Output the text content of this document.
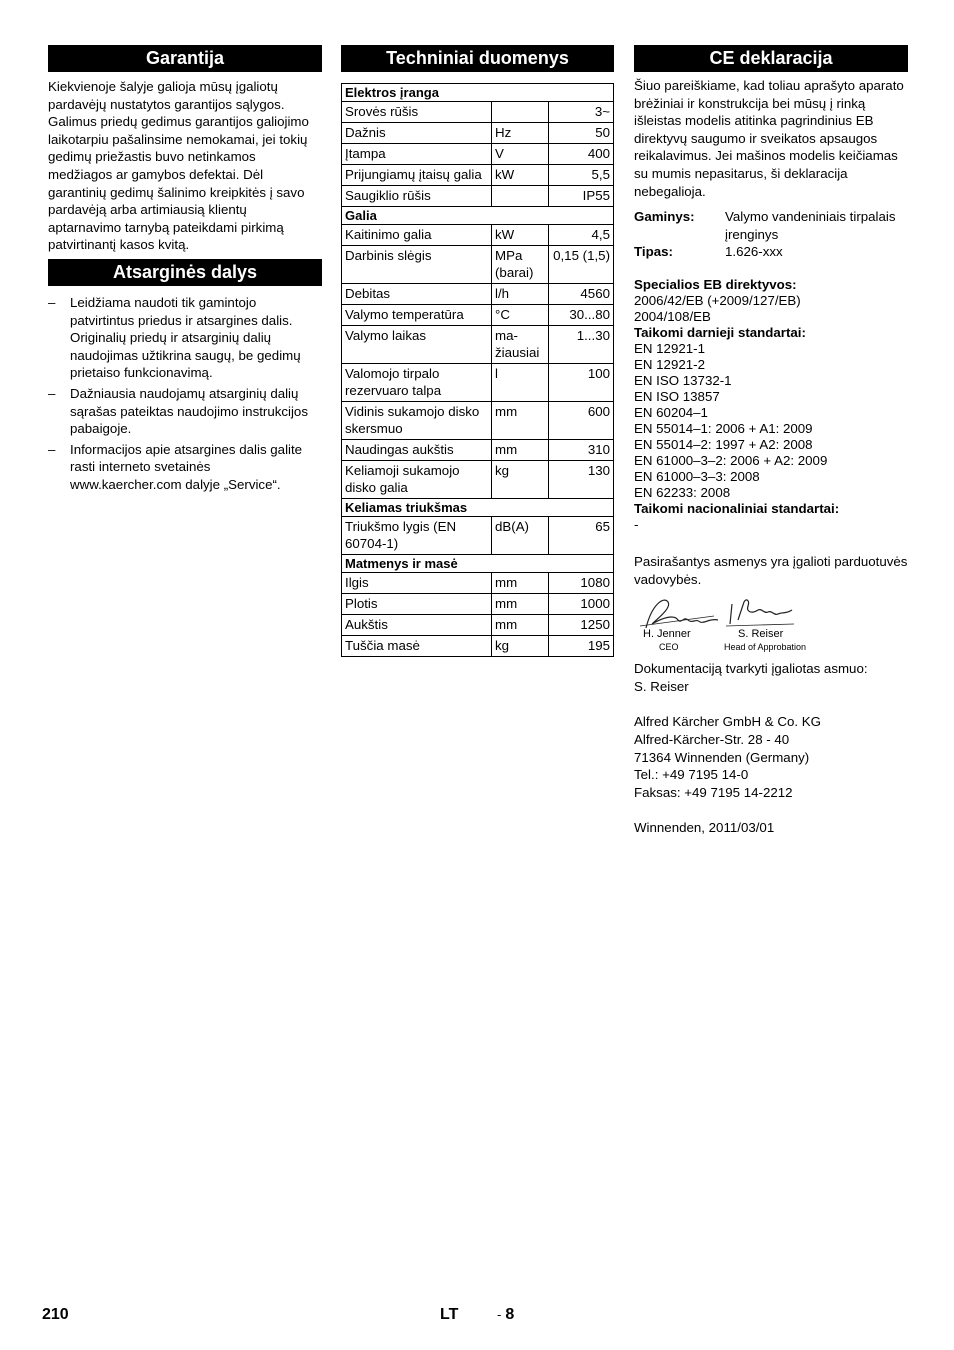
Garantija

Kiekvienoje šalyje galioja mūsų įgaliotų pardavėjų nustatytos garantijos sąlygos. Galimus priedų gedimus garantijos galiojimo laikotarpiu pašalinsime nemokamai, jei tokių gedimų priežastis buvo netinkamos medžiagos ar gamybos defektai. Dėl garantinių gedimų šalinimo kreipkitės į savo pardavėją arba artimiausią klientų aptarnavimo tarnybą pateikdami pirkimą patvirtinantį kasos kvitą.

Atsarginės dalys
– Leidžiama naudoti tik gamintojo patvirtintus priedus ir atsargines dalis. Originalių priedų ir atsarginių dalių naudojimas užtikrina saugų, be gedimų prietaiso funkcionavimą.
– Dažniausia naudojamų atsarginių dalių sąrašas pateiktas naudojimo instrukcijos pabaigoje.
– Informacijos apie atsargines dalis galite rasti interneto svetainės www.kaercher.com dalyje „Service“.
Techniniai duomenys
Elektros įranga		
Srovės rūšis		3~
Dažnis	Hz	50
Įtampa	V	400
Prijungiamų įtaisų galia	kW	5,5
Saugiklio rūšis		IP55
Galia		
Kaitinimo galia	kW	4,5
Darbinis slėgis	MPa (barai)	0,15 (1,5)
Debitas	l/h	4560
Valymo temperatūra	°C	30...80
Valymo laikas	ma-žiausiai	1...30
Valomojo tirpalo rezervuaro talpa	l	100
Vidinis sukamojo disko skersmuo	mm	600
Naudingas aukštis	mm	310
Keliamoji sukamojo disko galia	kg	130
Keliamas triukšmas		
Triukšmo lygis (EN 60704-1)	dB(A)	65
Matmenys ir masė		
Ilgis	mm	1080
Plotis	mm	1000
Aukštis	mm	1250
Tuščia masė	kg	195
CE deklaracija

Šiuo pareiškiame, kad toliau aprašyto aparato brėžiniai ir konstrukcija bei mūsų į rinką išleistas modelis atitinka pagrindinius EB direktyvų saugumo ir sveikatos apsaugos reikalavimus. Jei mašinos modelis keičiamas su mumis nepasitarus, ši deklaracija nebegalioja.

Gaminys:	Valymo vandeniniais tirpalais įrenginys
Tipas:	1.626-xxx
Specialios EB direktyvos:
2006/42/EB (+2009/127/EB)
2004/108/EB
Taikomi darnieji standartai:
EN 12921-1
EN 12921-2
EN ISO 13732-1
EN ISO 13857
EN 60204–1
EN 55014–1: 2006 + A1: 2009
EN 55014–2: 1997 + A2: 2008
EN 61000–3–2: 2006 + A2: 2009
EN 61000–3–3: 2008
EN 62233: 2008
Taikomi nacionaliniai standartai:
-

Pasirašantys asmenys yra įgalioti parduotuvės vadovybės.

H. Jenner
CEO
S. Reiser
Head of Approbation
Dokumentaciją tvarkyti įgaliotas asmuo:
S. Reiser
Alfred Kärcher GmbH & Co. KG
Alfred-Kärcher-Str. 28 - 40
71364 Winnenden (Germany)
Tel.: +49 7195 14-0
Faksas: +49 7195 14-2212
Winnenden, 2011/03/01
210	LT	- 8
